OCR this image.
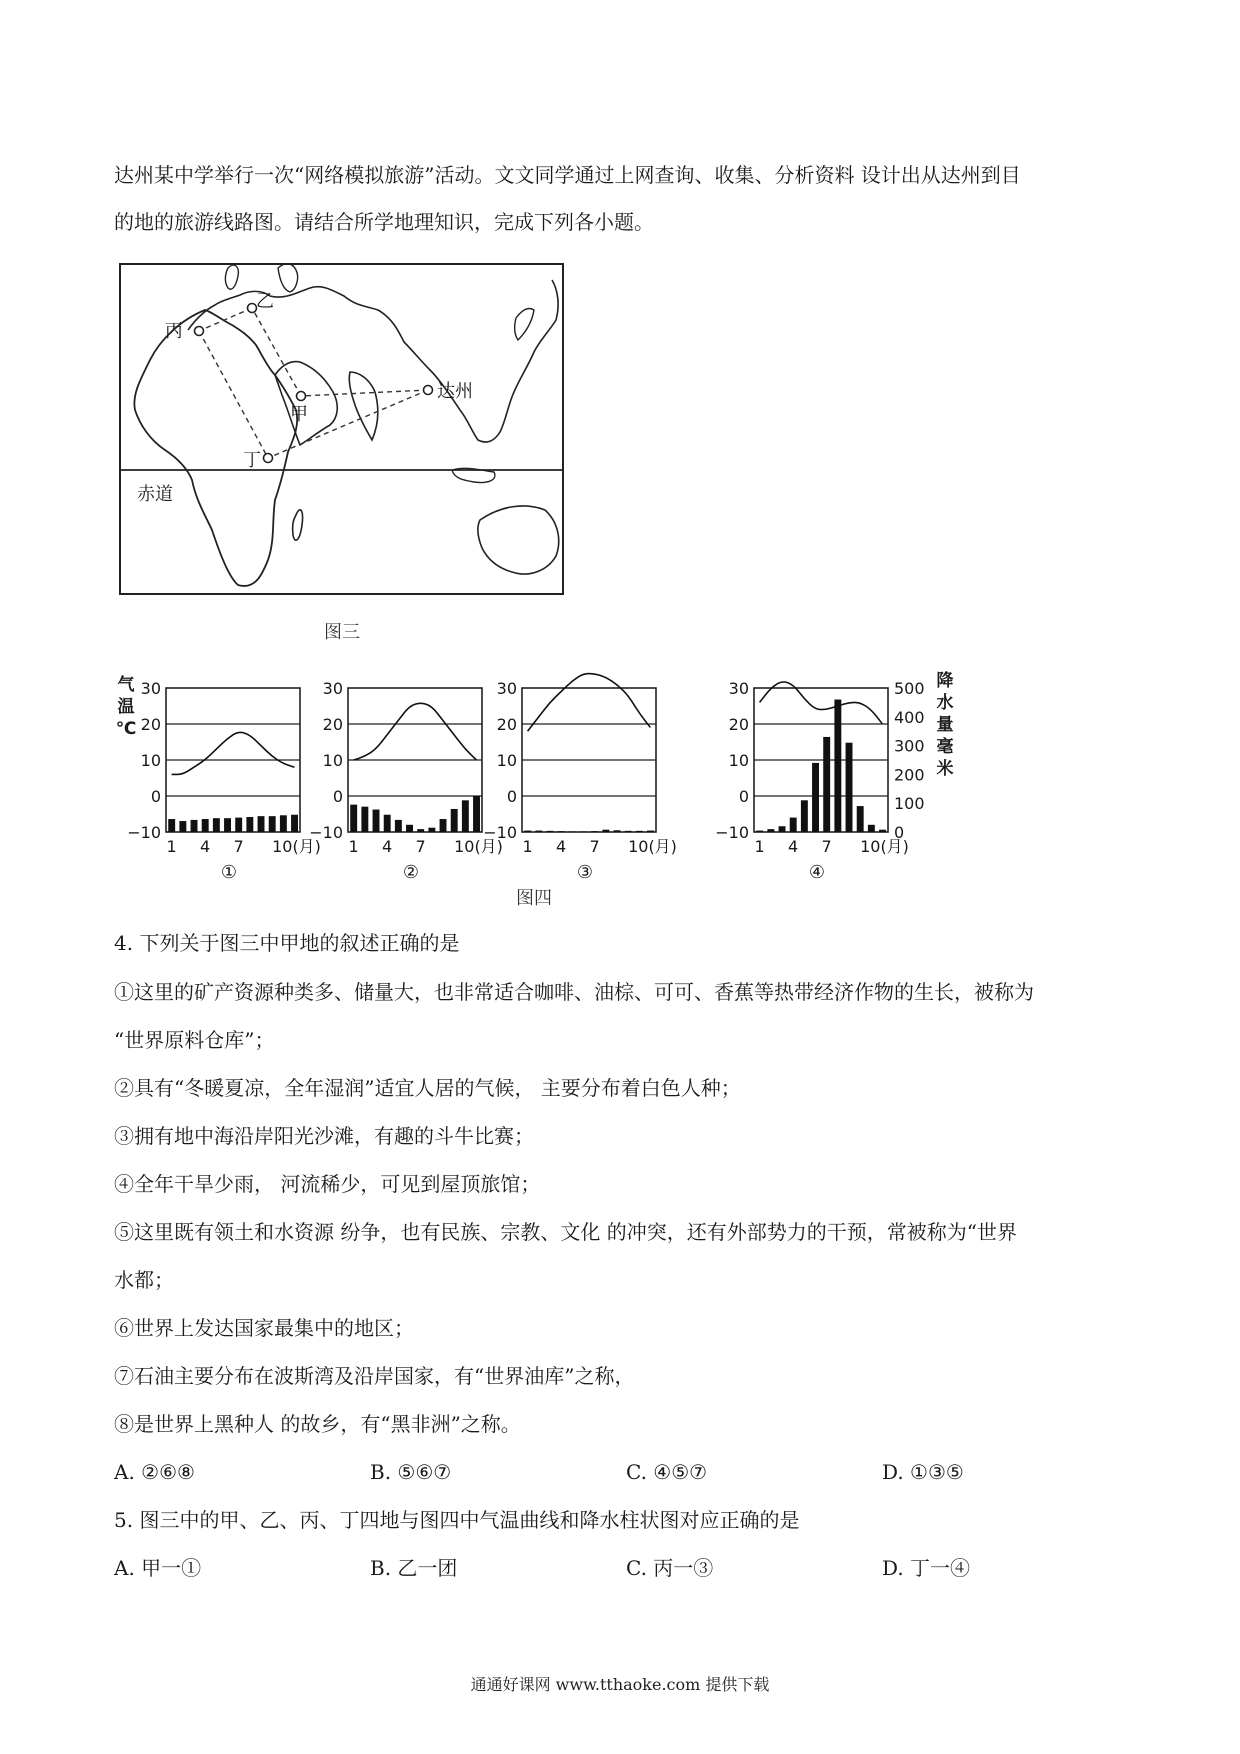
达州某中学举行一次“网络模拟旅游”活动。文文同学通过上网查询、收集、分析资料 设计出从达州到目
的地的旅游线路图。请结合所学地理知识，完成下列各小题。
丙
乙
甲
丁
达州
赤道
图三
气
温
℃
降
水
量
毫
米
30
20
10
0
−10
1 4 7 10(月)
①
30
20
10
0
−10
1 4 7 10(月)
②
30
20
10
0
−10
1 4 7 10(月)
③
30
20
10
0
−10
1 4 7 10(月)
④
500
400
300
200
100
0
图四
4. 下列关于图三中甲地的叙述正确的是
①这里的矿产资源种类多、储量大，也非常适合咖啡、油棕、可可、香蕉等热带经济作物的生长，被称为
“世界原料仓库”；
②具有“冬暖夏凉，全年湿润”适宜人居的气候， 主要分布着白色人种；
③拥有地中海沿岸阳光沙滩，有趣的斗牛比赛；
④全年干旱少雨， 河流稀少，可见到屋顶旅馆；
⑤这里既有领土和水资源 纷争，也有民族、宗教、文化 的冲突，还有外部势力的干预，常被称为“世界
水都；
⑥世界上发达国家最集中的地区；
⑦石油主要分布在波斯湾及沿岸国家，有“世界油库”之称，
⑧是世界上黑种人 的故乡，有“黑非洲”之称。
A. ②⑥⑧	B. ⑤⑥⑦	C. ④⑤⑦	D. ①③⑤
5. 图三中的甲、乙、丙、丁四地与图四中气温曲线和降水柱状图对应正确的是
A. 甲一①	B. 乙一团	C. 丙一③	D. 丁一④
通通好课网 www.tthaoke.com 提供下载
